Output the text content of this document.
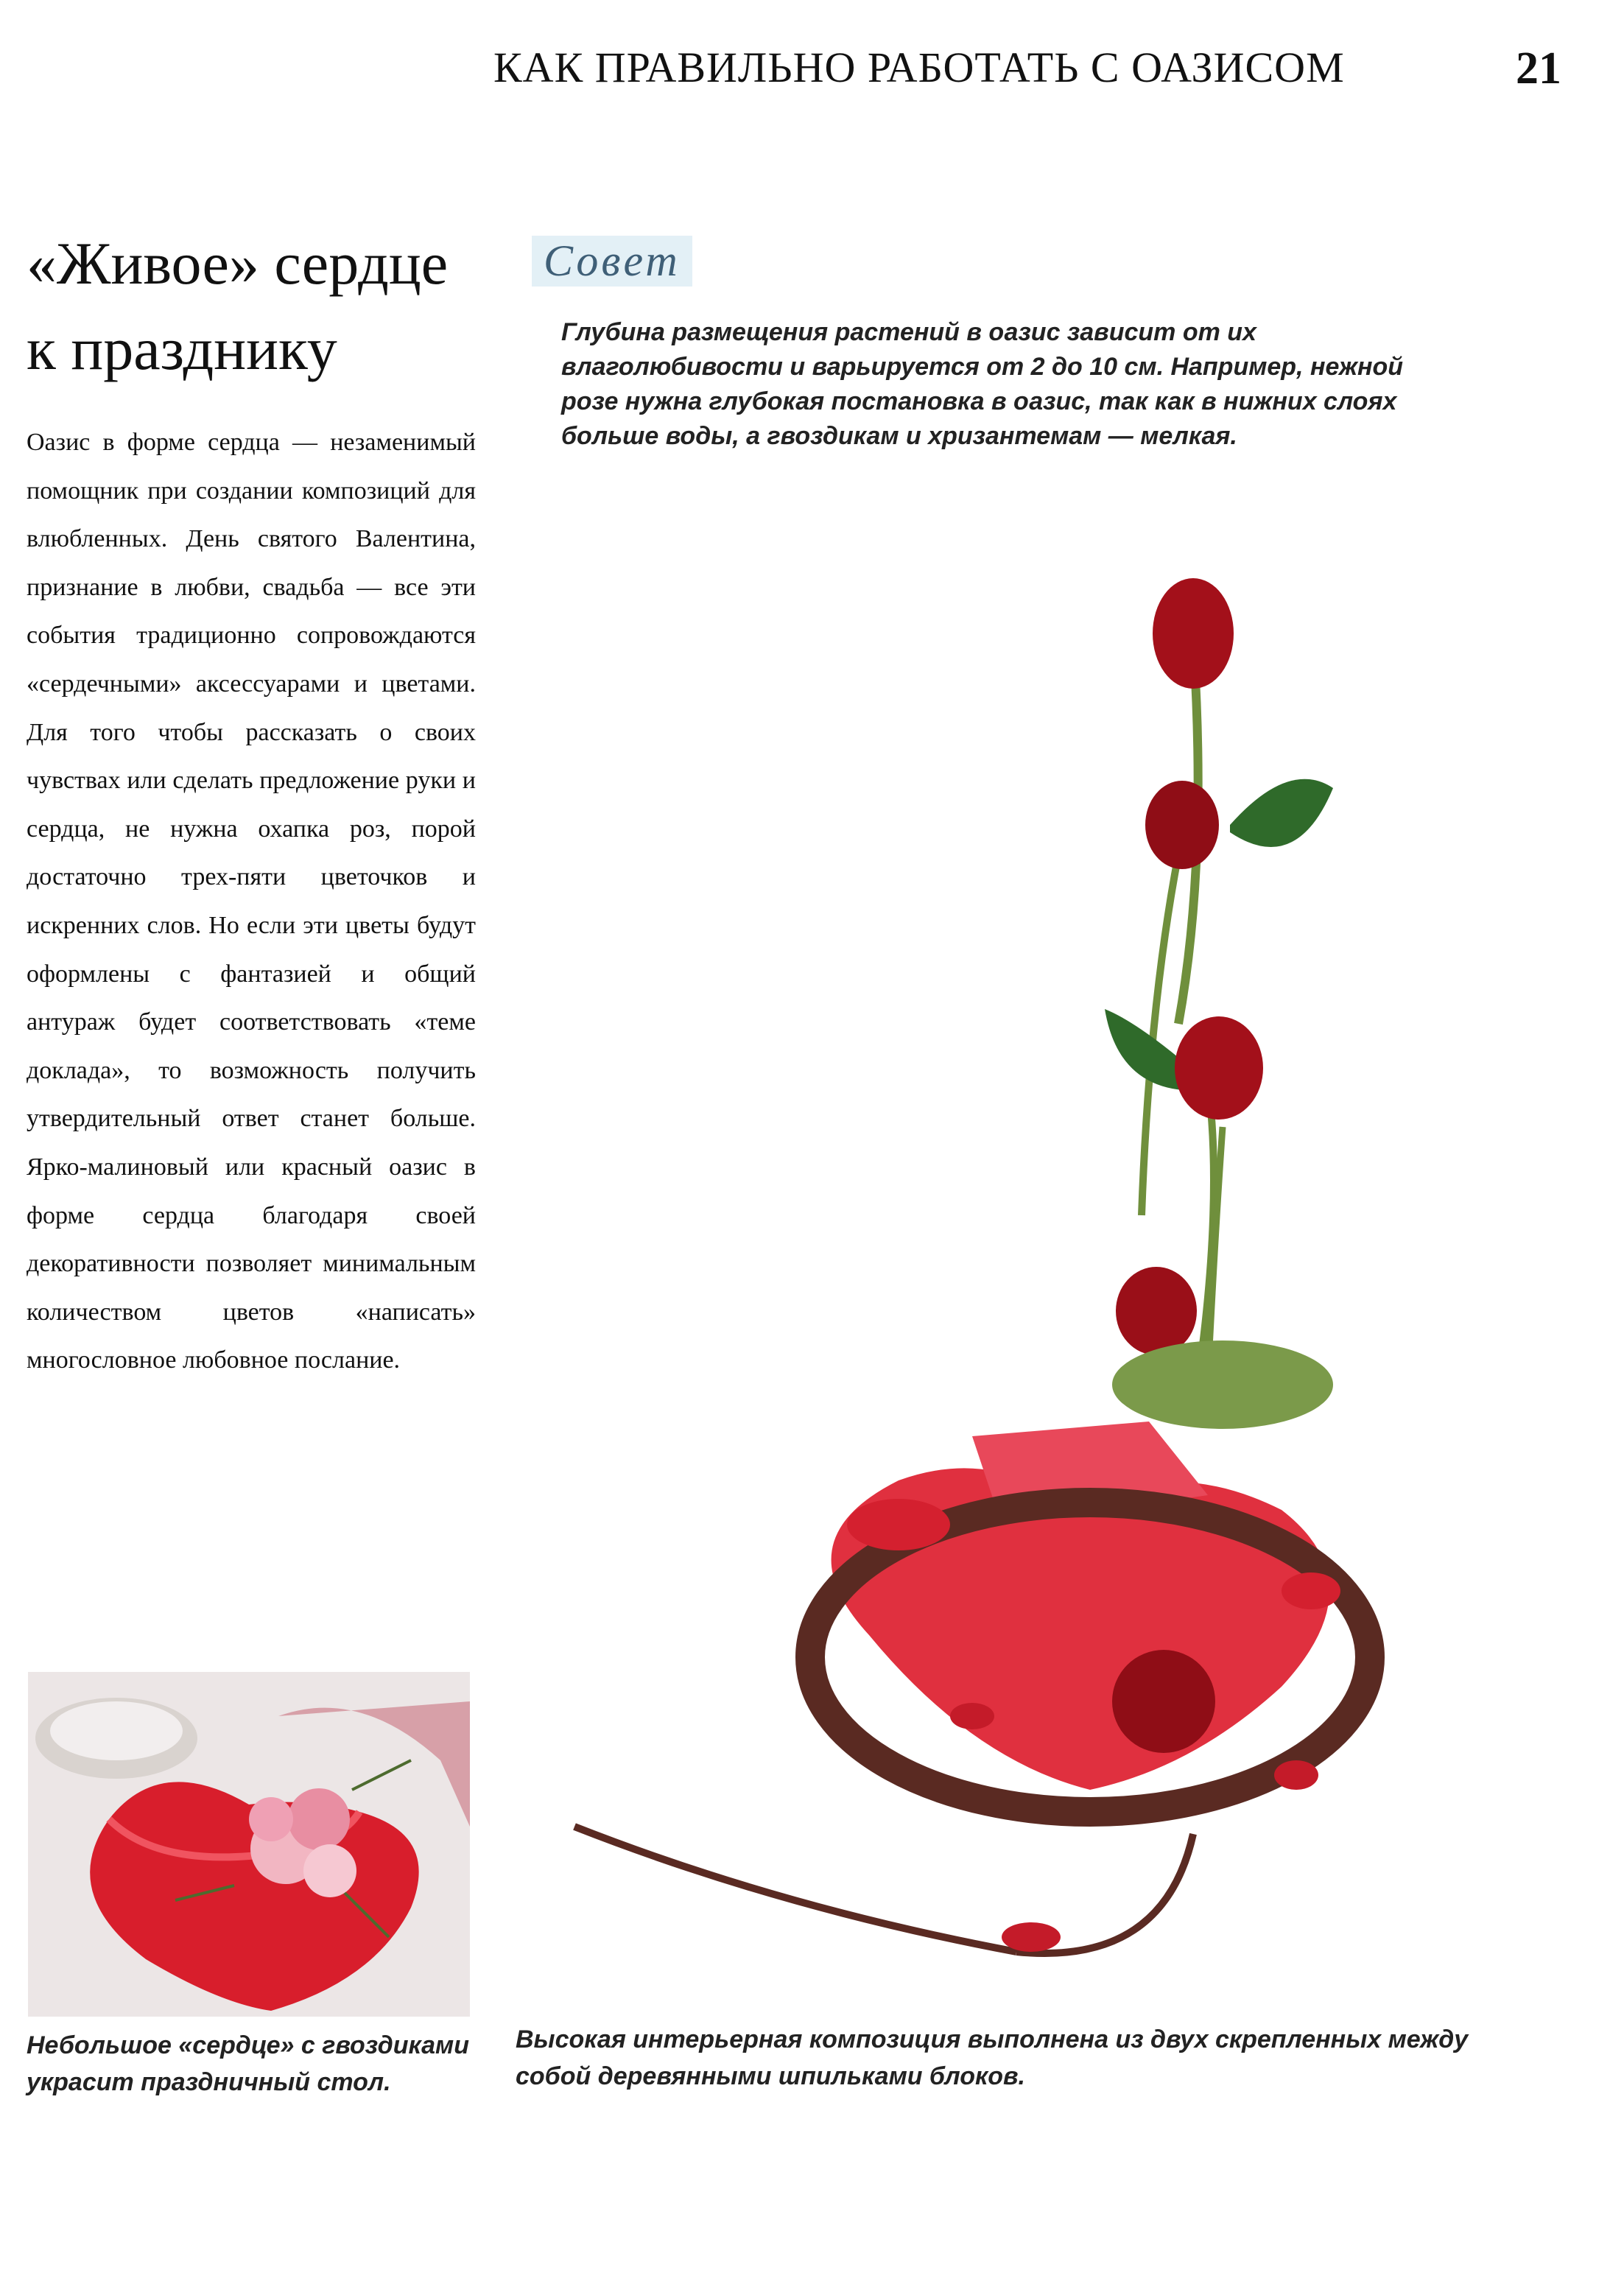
КАК ПРАВИЛЬНО РАБОТАТЬ С ОАЗИСОМ	21
«Живое» сердце
к празднику
Оазис в форме сердца — незаменимый помощник при создании композиций для влюбленных. День святого Валентина, признание в любви, свадьба — все эти события традиционно сопровождаются «сердечными» аксессуарами и цветами. Для того чтобы рассказать о своих чувствах или сделать предложение руки и сердца, не нужна охапка роз, порой достаточно трех-пяти цветочков и искренних слов. Но если эти цветы будут оформлены с фантазией и общий антураж будет соответствовать «теме доклада», то возможность получить утвердительный ответ станет больше. Ярко-малиновый или красный оазис в форме сердца благодаря своей декоративности позволяет минимальным количеством цветов «написать» многословное любовное послание.
Совет
Глубина размещения растений в оазис зависит от их влаголюбивости и варьируется от 2 до 10 см. Например, нежной розе нужна глубокая постановка в оазис, так как в нижних слоях больше воды, а гвоздикам и хризантемам — мелкая.
Небольшое «сердце» с гвоздиками украсит праздничный стол.
Высокая интерьерная композиция выполнена из двух скрепленных между собой деревянными шпильками блоков.
